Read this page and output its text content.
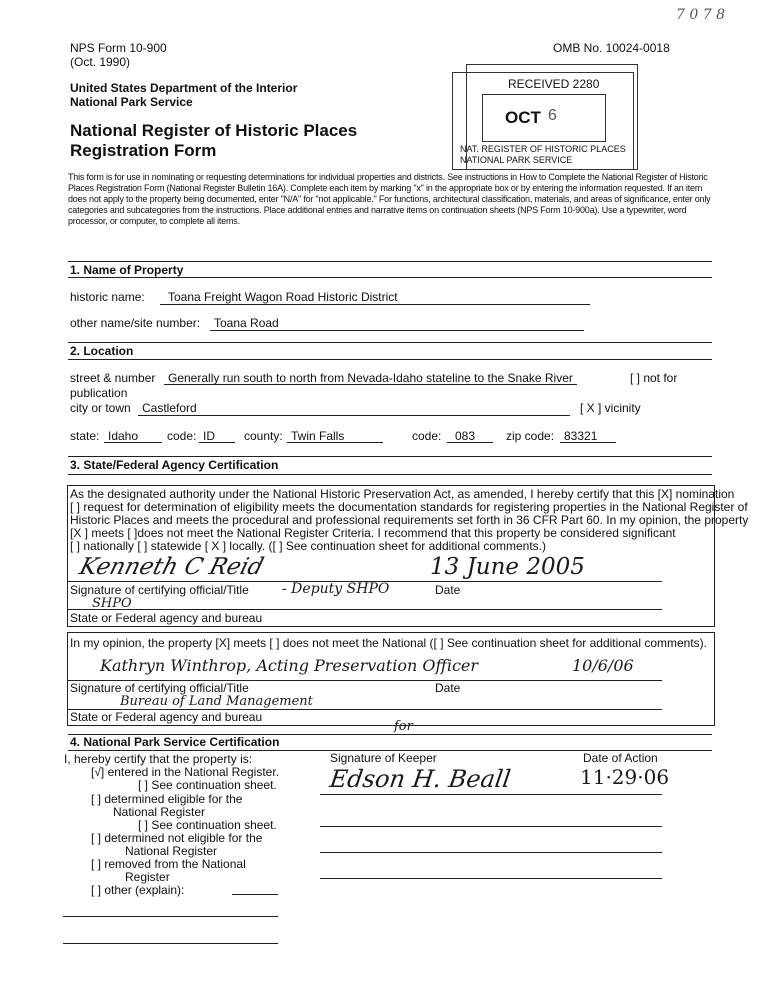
7 0 7 8
NPS Form 10-900
(Oct. 1990)
OMB No. 10024-0018
United States Department of the Interior
National Park Service
National Register of Historic Places
Registration Form
RECEIVED 2280
OCT 6
NAT. REGISTER OF HISTORIC PLACES NATIONAL PARK SERVICE
This form is for use in nominating or requesting determinations for individual properties and districts. See instructions in How to Complete the National Register of Historic Places Registration Form (National Register Bulletin 16A). Complete each item by marking "x" in the appropriate box or by entering the information requested. If an item does not apply to the property being documented, enter "N/A" for "not applicable." For functions, architectural classification, materials, and areas of significance, enter only categories and subcategories from the instructions. Place additional entries and narrative items on continuation sheets (NPS Form 10-900a). Use a typewriter, word processor, or computer, to complete all items.
1. Name of Property
historic name:	Toana Freight Wagon Road Historic District
other name/site number:	Toana Road
2. Location
street & number	Generally run south to north from Nevada-Idaho stateline to the Snake River	[ ] not for
publication
city or town Castleford	[ X ] vicinity
state: Idaho	code: ID	county: Twin Falls	code:	083	zip code: 83321
3. State/Federal Agency Certification
As the designated authority under the National Historic Preservation Act, as amended, I hereby certify that this [X] nomination
[ ] request for determination of eligibility meets the documentation standards for registering properties in the National Register of
Historic Places and meets the procedural and professional requirements set forth in 36 CFR Part 60. In my opinion, the property
[X ] meets [ ]does not meet the National Register Criteria. I recommend that this property be considered significant
[ ] nationally [ ] statewide [ X ] locally. ([ ] See continuation sheet for additional comments.)
Kenneth C Reid	13 June 2005
Signature of certifying official/Title - Deputy SHPO	Date
SHPO
State or Federal agency and bureau
In my opinion, the property [X] meets [ ] does not meet the National ([ ] See continuation sheet for additional comments).
Kathryn Winthrop, Acting Preservation Officer	10/6/06
Signature of certifying official/Title	Date
Bureau of Land Management
State or Federal agency and bureau
4. National Park Service Certification
I, hereby certify that the property is:
[√] entered in the National Register.
[ ] See continuation sheet.
[ ] determined eligible for the
National Register
[ ] See continuation sheet.
[ ] determined not eligible for the
National Register
[ ] removed from the National
Register
[ ] other (explain):
for
Signature of Keeper	Date of Action
Edson H. Beall	11·29·06
